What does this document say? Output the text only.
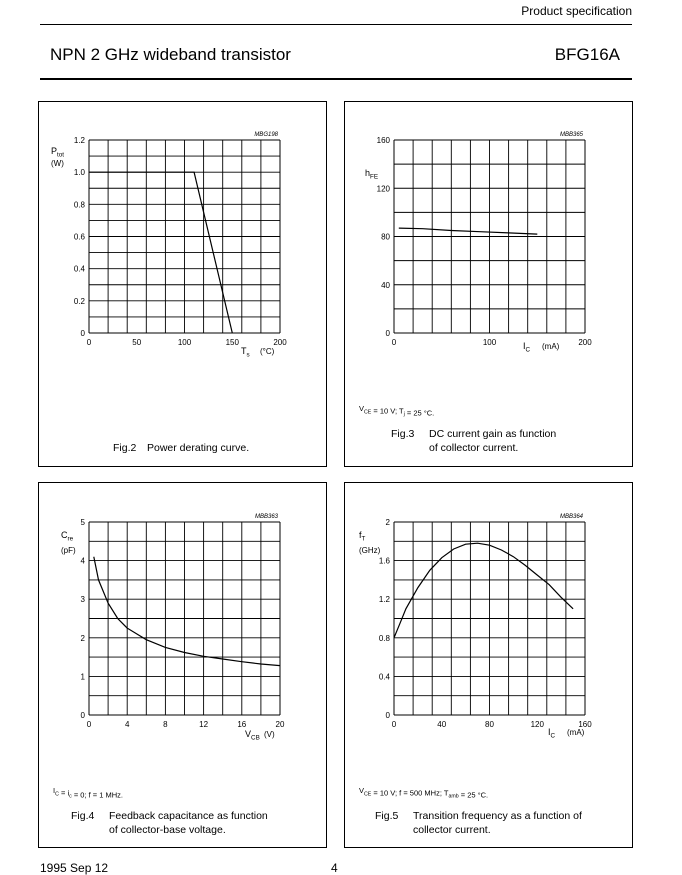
Product specification
NPN 2 GHz wideband transistor	BFG16A
0	50	100	150	200
0
0.2
0.4
0.6
0.8
1.0
1.2
MBG198
$P_{tot}$
(W)
$T_s$ (°C)
Fig.2 Power derating curve.
0	100	200
0
40
80
120
160
MBB365
$h_{FE}$
$I_C$ (mA)
$V_{CE} = 10$ V; $T_j = 25$ °C.
Fig.3 DC current gain as function
of collector current.
0	4	8	12	16	20
0
1
2
3
4
5
MBB363
$C_{re}$
(pF)
$V_{CB}$ (V)
$I_C = i_c = 0$; f = 1 MHz.
Fig.4 Feedback capacitance as function
of collector-base voltage.
0	40	80	120	160
0
0.4
0.8
1.2
1.6
2
MBB364
$f_T$
(GHz)
$I_C$ (mA)
$V_{CE} = 10$ V; f = 500 MHz; $T_{amb} = 25$ °C.
Fig.5 Transition frequency as a function of
collector current.
1995 Sep 12	4
